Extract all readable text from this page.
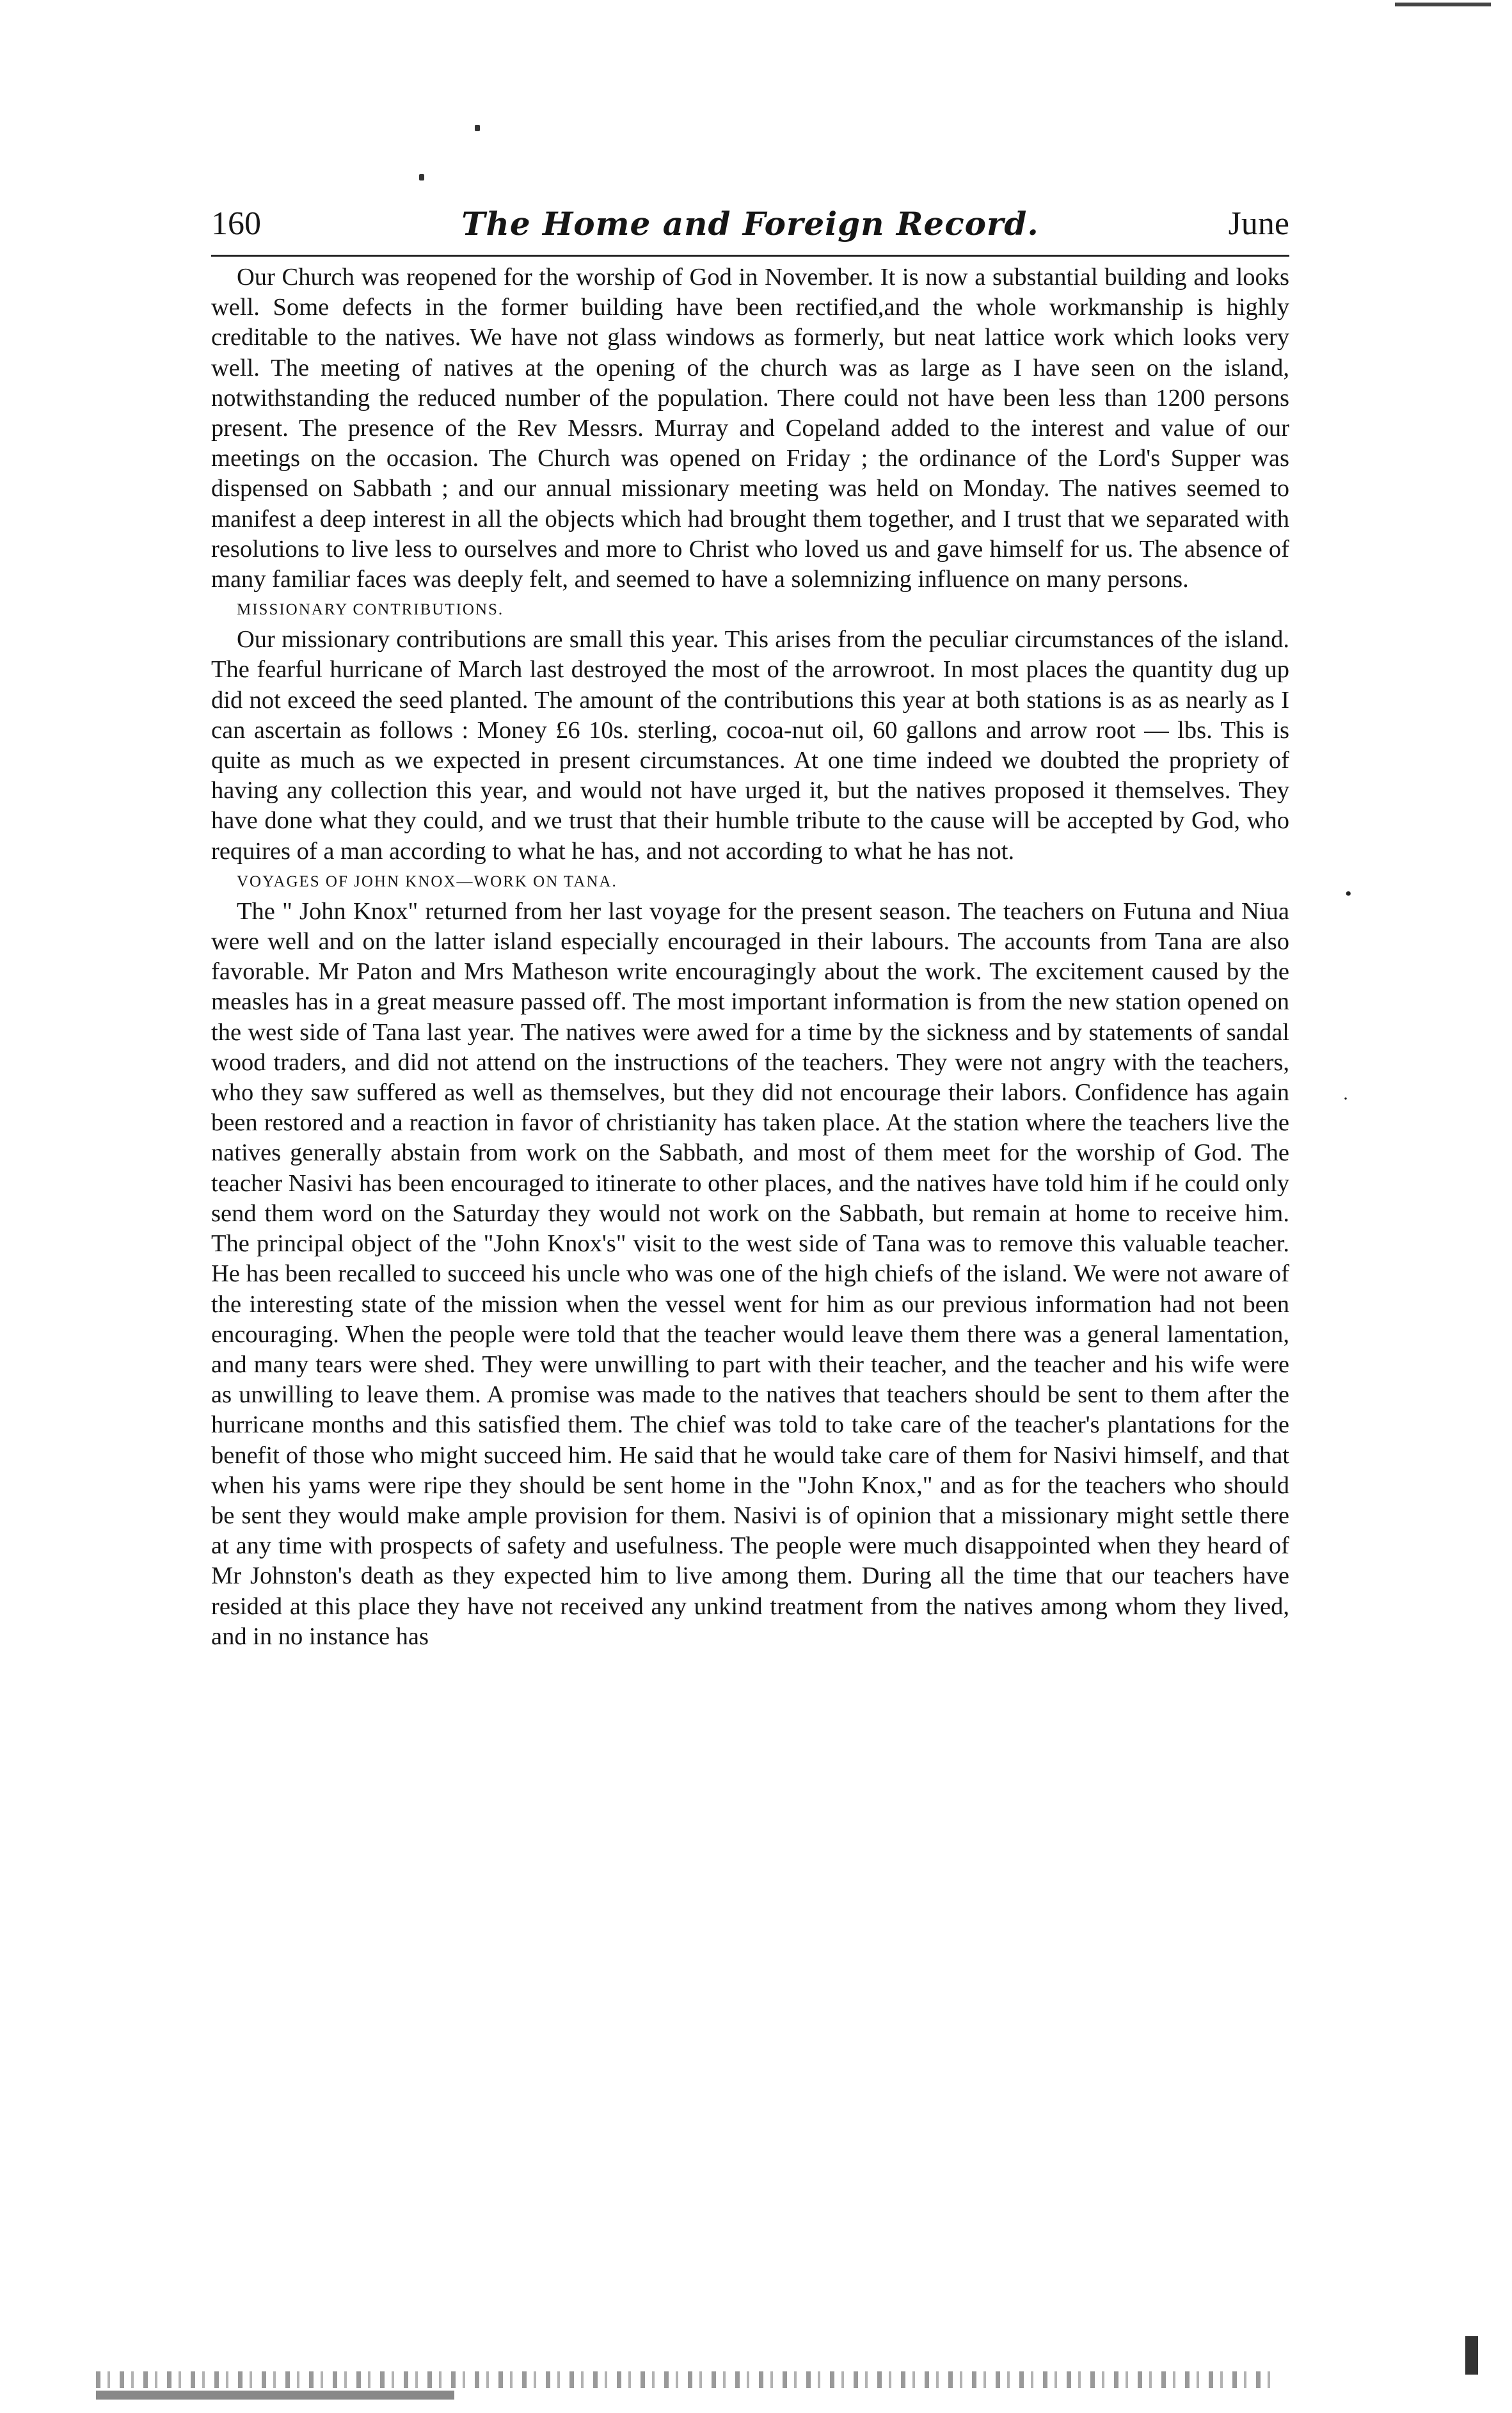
160	The Home and Foreign Record.	June

Our Church was reopened for the worship of God in November. It is now a substantial building and looks well. Some defects in the former building have been rectified,and the whole workmanship is highly creditable to the natives. We have not glass windows as formerly, but neat lattice work which looks very well. The meeting of natives at the opening of the church was as large as I have seen on the island, notwithstanding the reduced number of the population. There could not have been less than 1200 persons present. The presence of the Rev Messrs. Murray and Copeland added to the interest and value of our meetings on the occasion. The Church was opened on Friday ; the ordinance of the Lord's Supper was dispensed on Sabbath ; and our annual missionary meeting was held on Monday. The natives seemed to manifest a deep interest in all the objects which had brought them together, and I trust that we separated with resolutions to live less to ourselves and more to Christ who loved us and gave himself for us. The absence of many familiar faces was deeply felt, and seemed to have a solemnizing influence on many persons.

MISSIONARY CONTRIBUTIONS.

Our missionary contributions are small this year. This arises from the peculiar circumstances of the island. The fearful hurricane of March last destroyed the most of the arrowroot. In most places the quantity dug up did not exceed the seed planted. The amount of the contributions this year at both stations is as as nearly as I can ascertain as follows : Money £6 10s. sterling, cocoa-nut oil, 60 gallons and arrow root — lbs. This is quite as much as we expected in present circumstances. At one time indeed we doubted the propriety of having any collection this year, and would not have urged it, but the natives proposed it themselves. They have done what they could, and we trust that their humble tribute to the cause will be accepted by God, who requires of a man according to what he has, and not according to what he has not.

VOYAGES OF JOHN KNOX—WORK ON TANA.

The " John Knox" returned from her last voyage for the present season. The teachers on Futuna and Niua were well and on the latter island especially encouraged in their labours. The accounts from Tana are also favorable. Mr Paton and Mrs Matheson write encouragingly about the work. The excitement caused by the measles has in a great measure passed off. The most important information is from the new station opened on the west side of Tana last year. The natives were awed for a time by the sickness and by statements of sandal wood traders, and did not attend on the instructions of the teachers. They were not angry with the teachers, who they saw suffered as well as themselves, but they did not encourage their labors. Confidence has again been restored and a reaction in favor of christianity has taken place. At the station where the teachers live the natives generally abstain from work on the Sabbath, and most of them meet for the worship of God. The teacher Nasivi has been encouraged to itinerate to other places, and the natives have told him if he could only send them word on the Saturday they would not work on the Sabbath, but remain at home to receive him. The principal object of the "John Knox's" visit to the west side of Tana was to remove this valuable teacher. He has been recalled to succeed his uncle who was one of the high chiefs of the island. We were not aware of the interesting state of the mission when the vessel went for him as our previous information had not been encouraging. When the people were told that the teacher would leave them there was a general lamentation, and many tears were shed. They were unwilling to part with their teacher, and the teacher and his wife were as unwilling to leave them. A promise was made to the natives that teachers should be sent to them after the hurricane months and this satisfied them. The chief was told to take care of the teacher's plantations for the benefit of those who might succeed him. He said that he would take care of them for Nasivi himself, and that when his yams were ripe they should be sent home in the "John Knox," and as for the teachers who should be sent they would make ample provision for them. Nasivi is of opinion that a missionary might settle there at any time with prospects of safety and usefulness. The people were much disappointed when they heard of Mr Johnston's death as they expected him to live among them. During all the time that our teachers have resided at this place they have not received any unkind treatment from the natives among whom they lived, and in no instance has

•
·
